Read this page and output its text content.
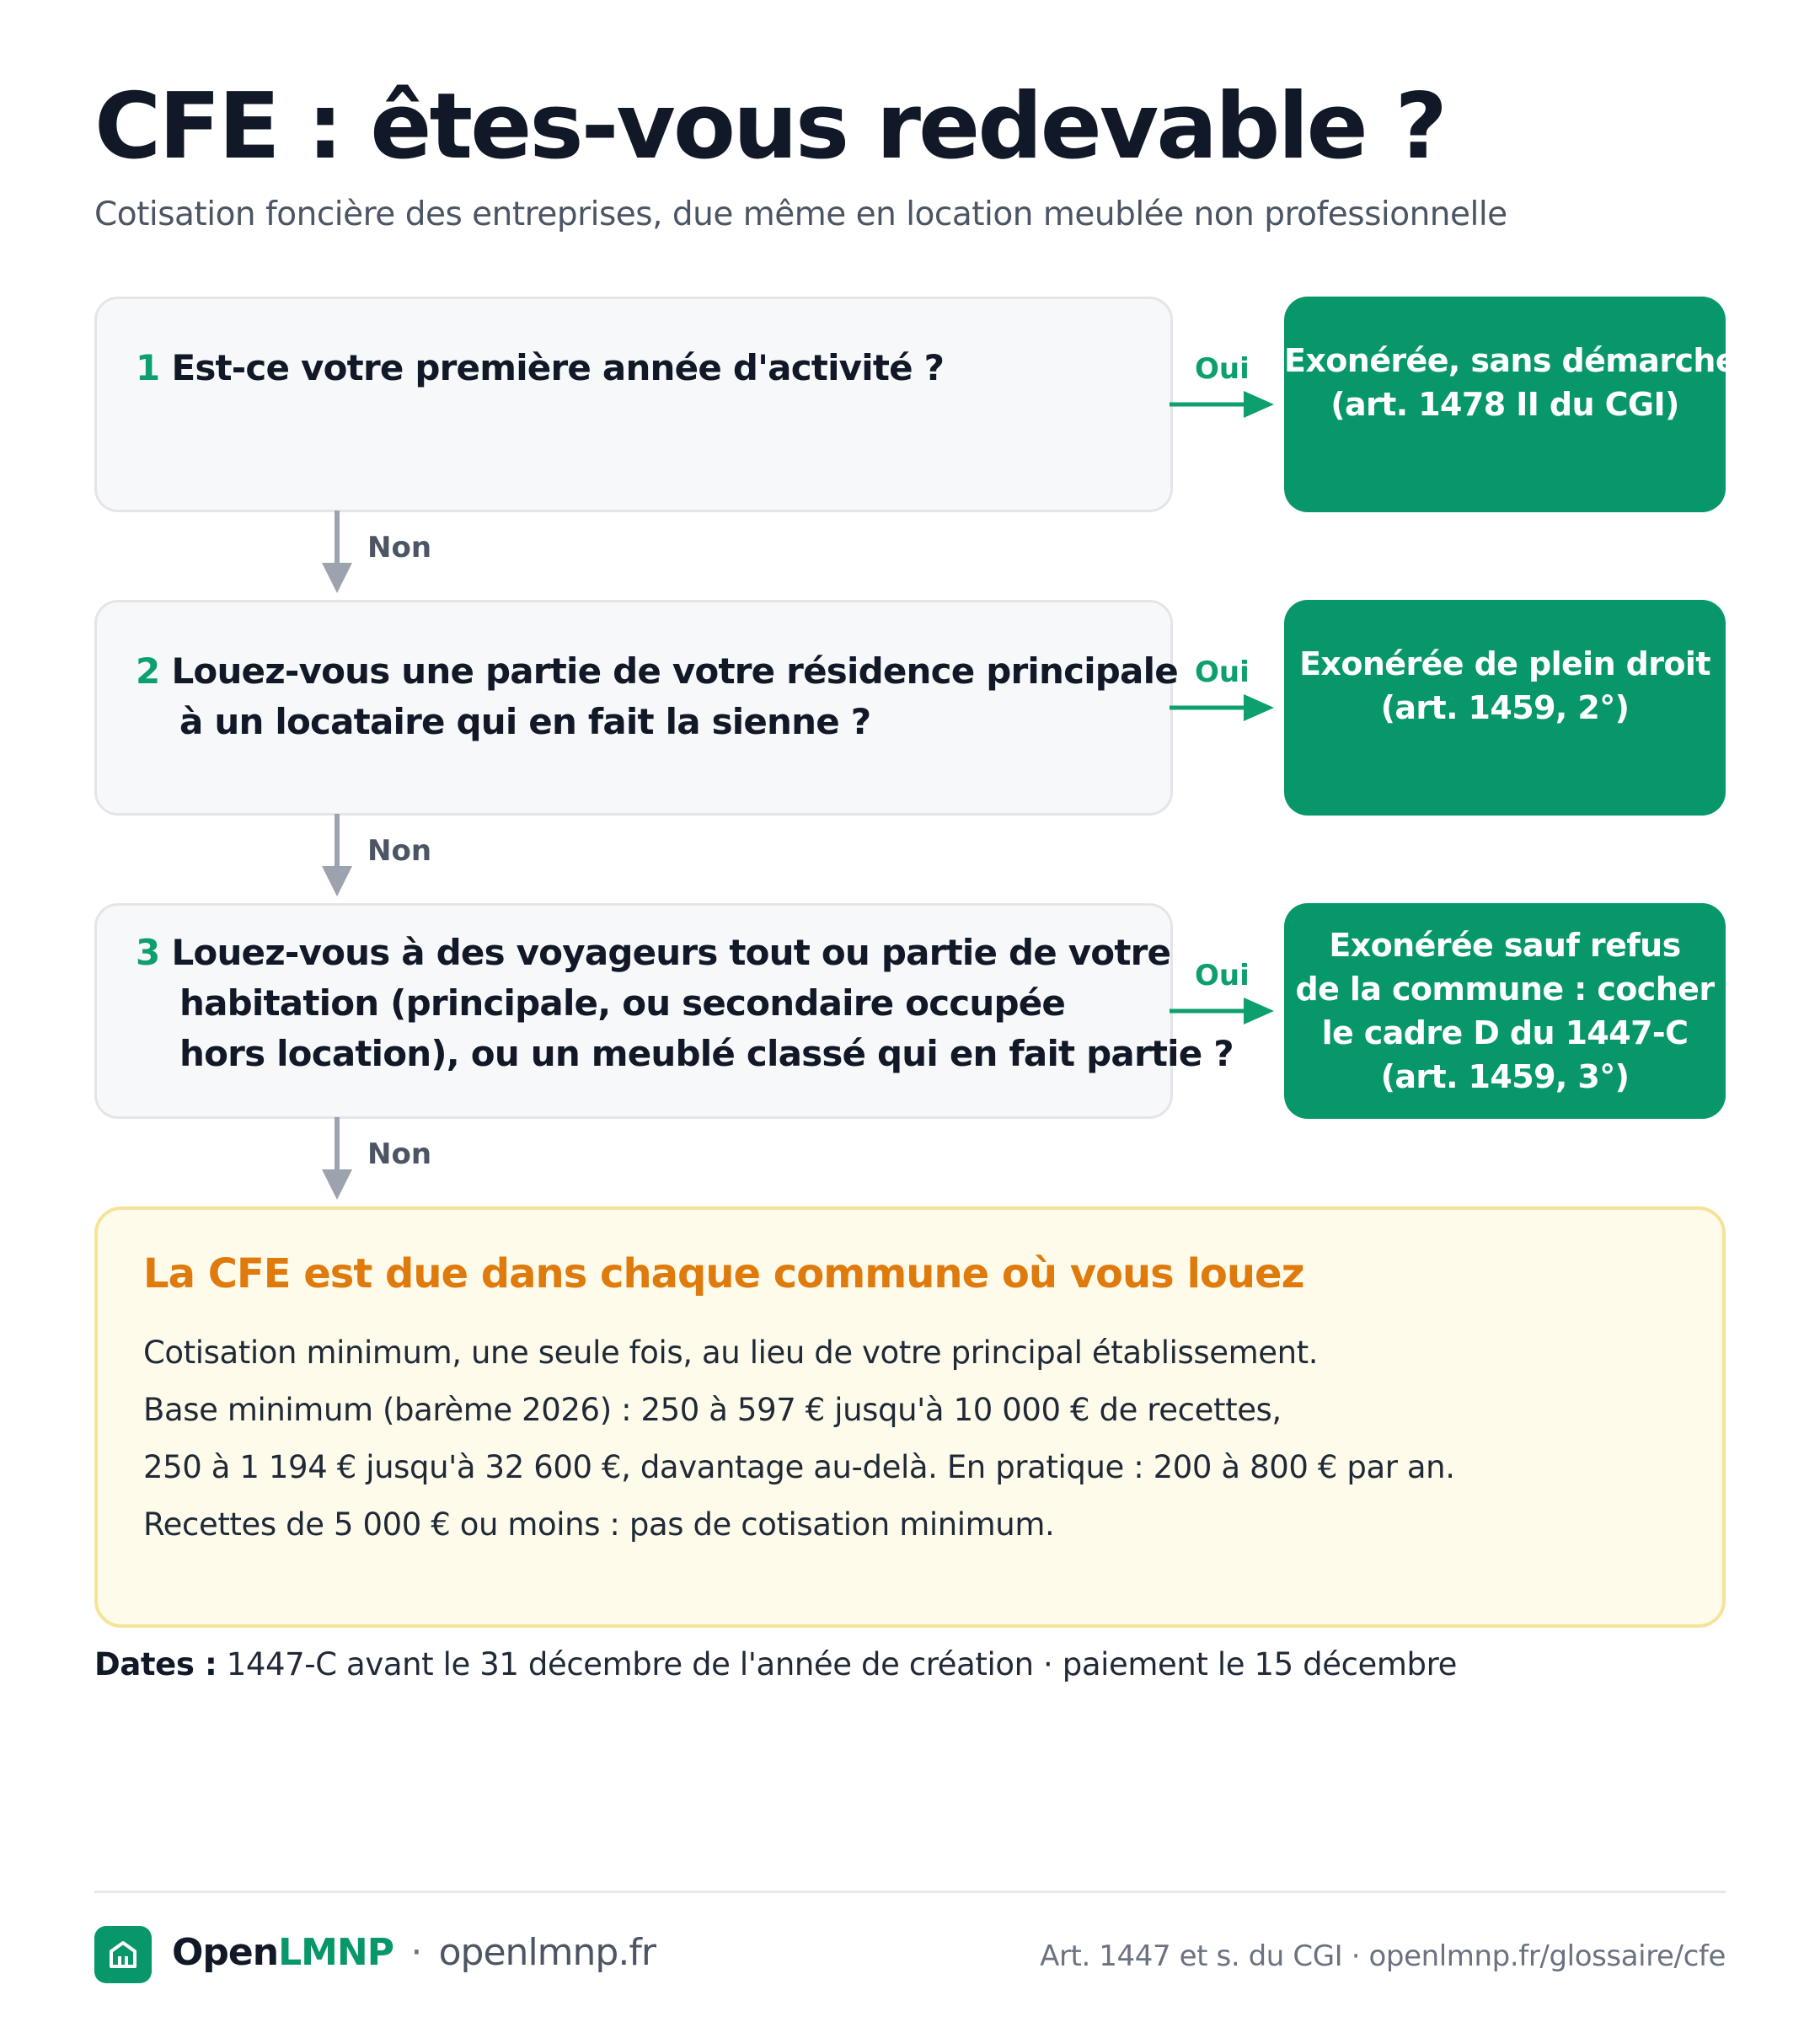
CFE : êtes-vous redevable ?
Cotisation foncière des entreprises, due même en location meublée non professionnelle
1 Est-ce votre première année d'activité ?	Oui Exonérée, sans démarche
(art. 1478 II du CGI)
Non
2 Louez-vous une partie de votre résidence principale
à un locataire qui en fait la sienne ?
Oui	Exonérée de plein droit
(art. 1459, 2°)
Non
3 Louez-vous à des voyageurs tout ou partie de votre
habitation (principale, ou secondaire occupée
hors location), ou un meublé classé qui en fait partie ?
Oui
Exonérée sauf refus
de la commune : cocher
le cadre D du 1447-C
(art. 1459, 3°)
Non
La CFE est due dans chaque commune où vous louez
Cotisation minimum, une seule fois, au lieu de votre principal établissement.
Base minimum (barème 2026) : 250 à 597 € jusqu'à 10 000 € de recettes,
250 à 1 194 € jusqu'à 32 600 €, davantage au-delà. En pratique : 200 à 800 € par an.
Recettes de 5 000 € ou moins : pas de cotisation minimum.
Dates : 1447-C avant le 31 décembre de l'année de création · paiement le 15 décembre
OpenLMNP · openlmnp.fr	Art. 1447 et s. du CGI · openlmnp.fr/glossaire/cfe
